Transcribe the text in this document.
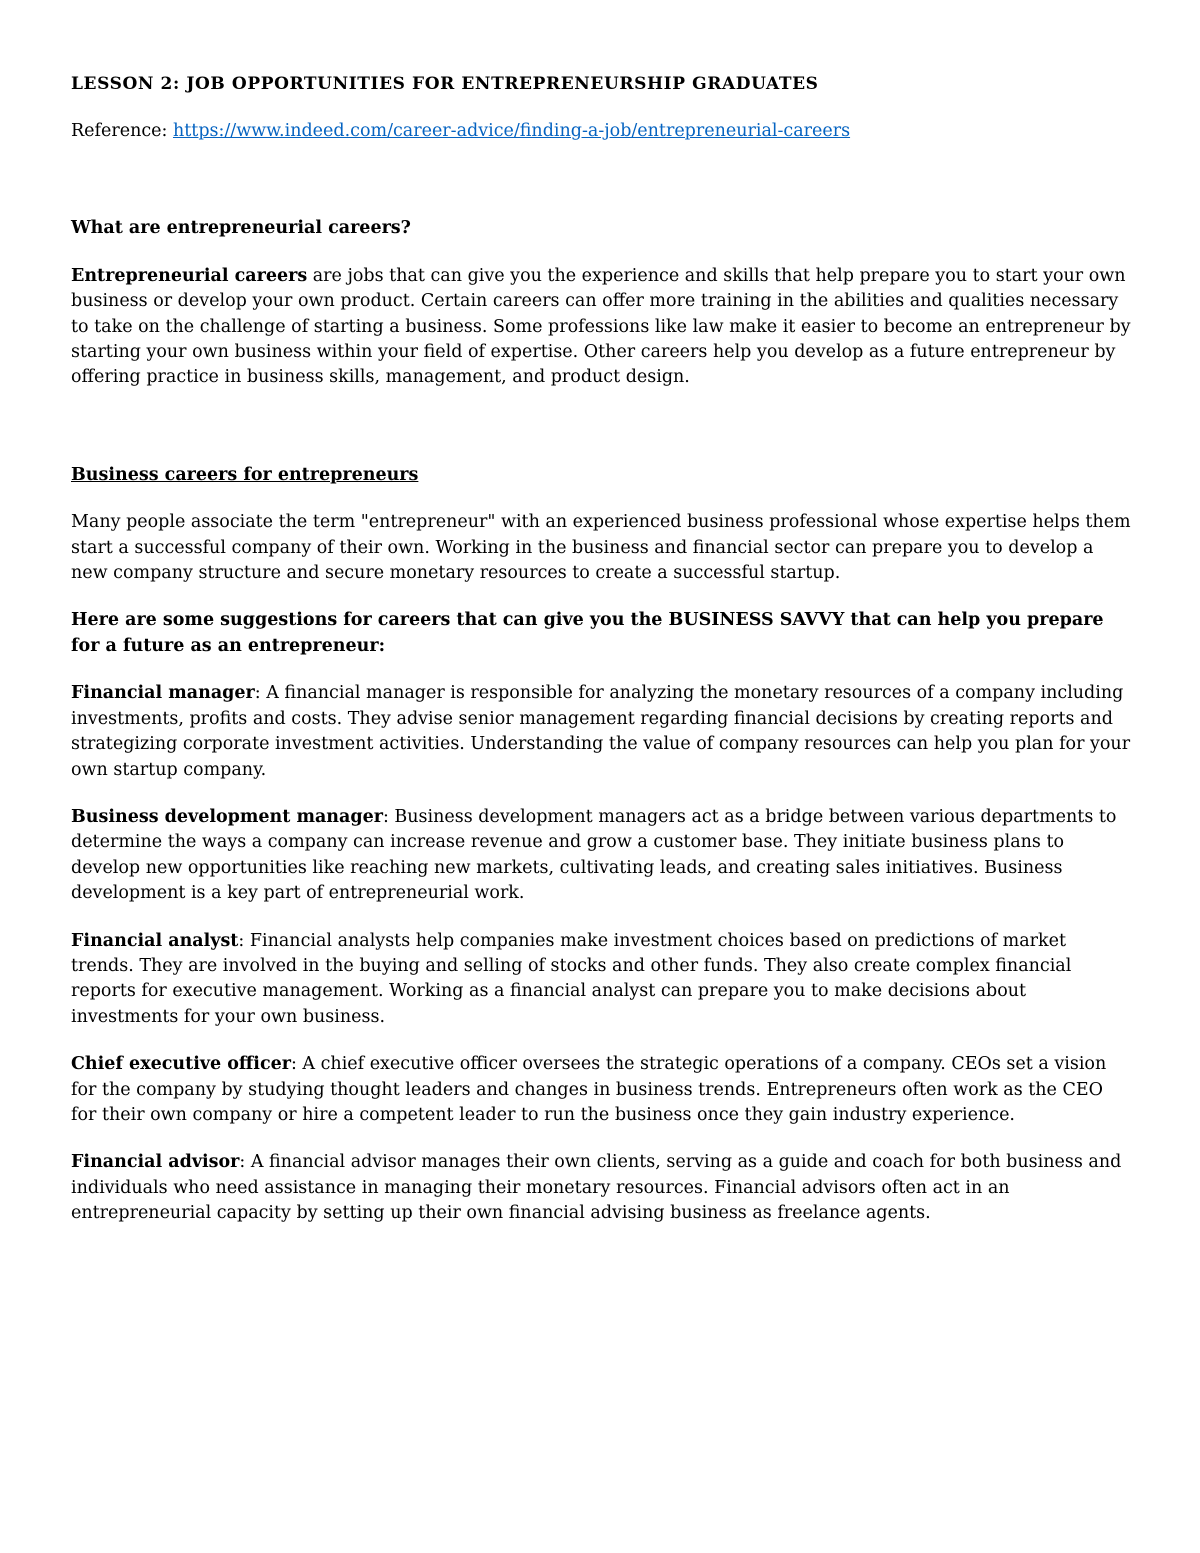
LESSON 2: JOB OPPORTUNITIES FOR ENTREPRENEURSHIP GRADUATES

Reference: https://www.indeed.com/career-advice/finding-a-job/entrepreneurial-careers

What are entrepreneurial careers?

Entrepreneurial careers are jobs that can give you the experience and skills that help prepare you to start your own business or develop your own product. Certain careers can offer more training in the abilities and qualities necessary to take on the challenge of starting a business. Some professions like law make it easier to become an entrepreneur by starting your own business within your field of expertise. Other careers help you develop as a future entrepreneur by offering practice in business skills, management, and product design.

Business careers for entrepreneurs

Many people associate the term "entrepreneur" with an experienced business professional whose expertise helps them start a successful company of their own. Working in the business and financial sector can prepare you to develop a new company structure and secure monetary resources to create a successful startup.

Here are some suggestions for careers that can give you the BUSINESS SAVVY that can help you prepare for a future as an entrepreneur:

Financial manager: A financial manager is responsible for analyzing the monetary resources of a company including investments, profits and costs. They advise senior management regarding financial decisions by creating reports and strategizing corporate investment activities. Understanding the value of company resources can help you plan for your own startup company.

Business development manager: Business development managers act as a bridge between various departments to determine the ways a company can increase revenue and grow a customer base. They initiate business plans to develop new opportunities like reaching new markets, cultivating leads, and creating sales initiatives. Business development is a key part of entrepreneurial work.

Financial analyst: Financial analysts help companies make investment choices based on predictions of market trends. They are involved in the buying and selling of stocks and other funds. They also create complex financial reports for executive management. Working as a financial analyst can prepare you to make decisions about investments for your own business.

Chief executive officer: A chief executive officer oversees the strategic operations of a company. CEOs set a vision for the company by studying thought leaders and changes in business trends. Entrepreneurs often work as the CEO for their own company or hire a competent leader to run the business once they gain industry experience.

Financial advisor: A financial advisor manages their own clients, serving as a guide and coach for both business and individuals who need assistance in managing their monetary resources. Financial advisors often act in an entrepreneurial capacity by setting up their own financial advising business as freelance agents.
